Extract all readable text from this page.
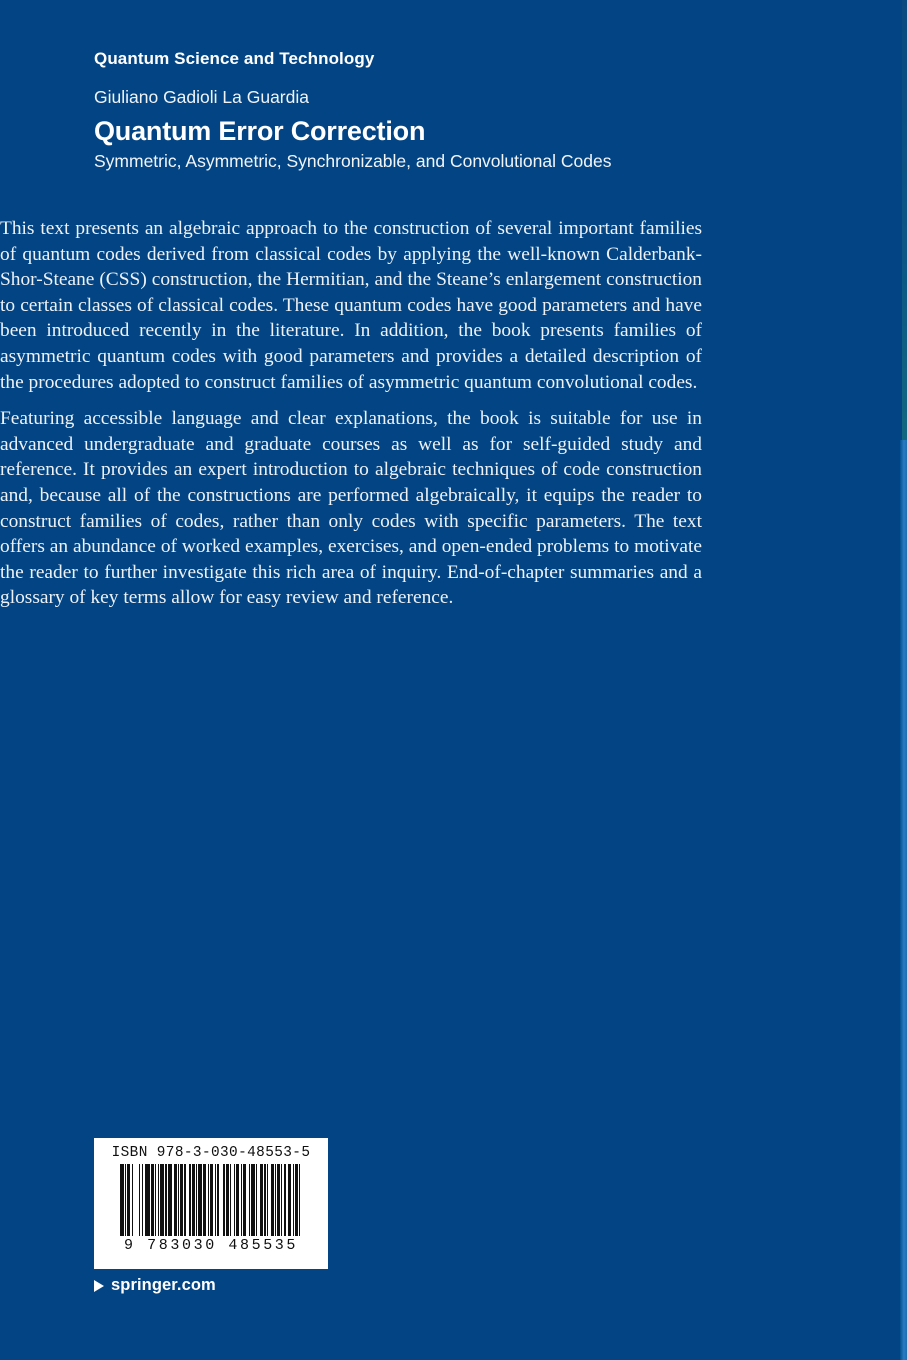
Quantum Science and Technology
Giuliano Gadioli La Guardia
Quantum Error Correction
Symmetric, Asymmetric, Synchronizable, and Convolutional Codes

This text presents an algebraic approach to the construction of several important families of quantum codes derived from classical codes by applying the well-known Calderbank-Shor-Steane (CSS) construction, the Hermitian, and the Steane’s enlargement construction to certain classes of classical codes. These quantum codes have good parameters and have been introduced recently in the literature. In addition, the book presents families of asymmetric quantum codes with good parameters and provides a detailed description of the procedures adopted to construct families of asymmetric quantum convolutional codes.

Featuring accessible language and clear explanations, the book is suitable for use in advanced undergraduate and graduate courses as well as for self-guided study and reference. It provides an expert introduction to algebraic techniques of code construction and, because all of the constructions are performed algebraically, it equips the reader to construct families of codes, rather than only codes with specific parameters. The text offers an abundance of worked examples, exercises, and open-ended problems to motivate the reader to further investigate this rich area of inquiry. End-of-chapter summaries and a glossary of key terms allow for easy review and reference.

ISBN 978-3-030-48553-5
9 783030 485535
springer.com
